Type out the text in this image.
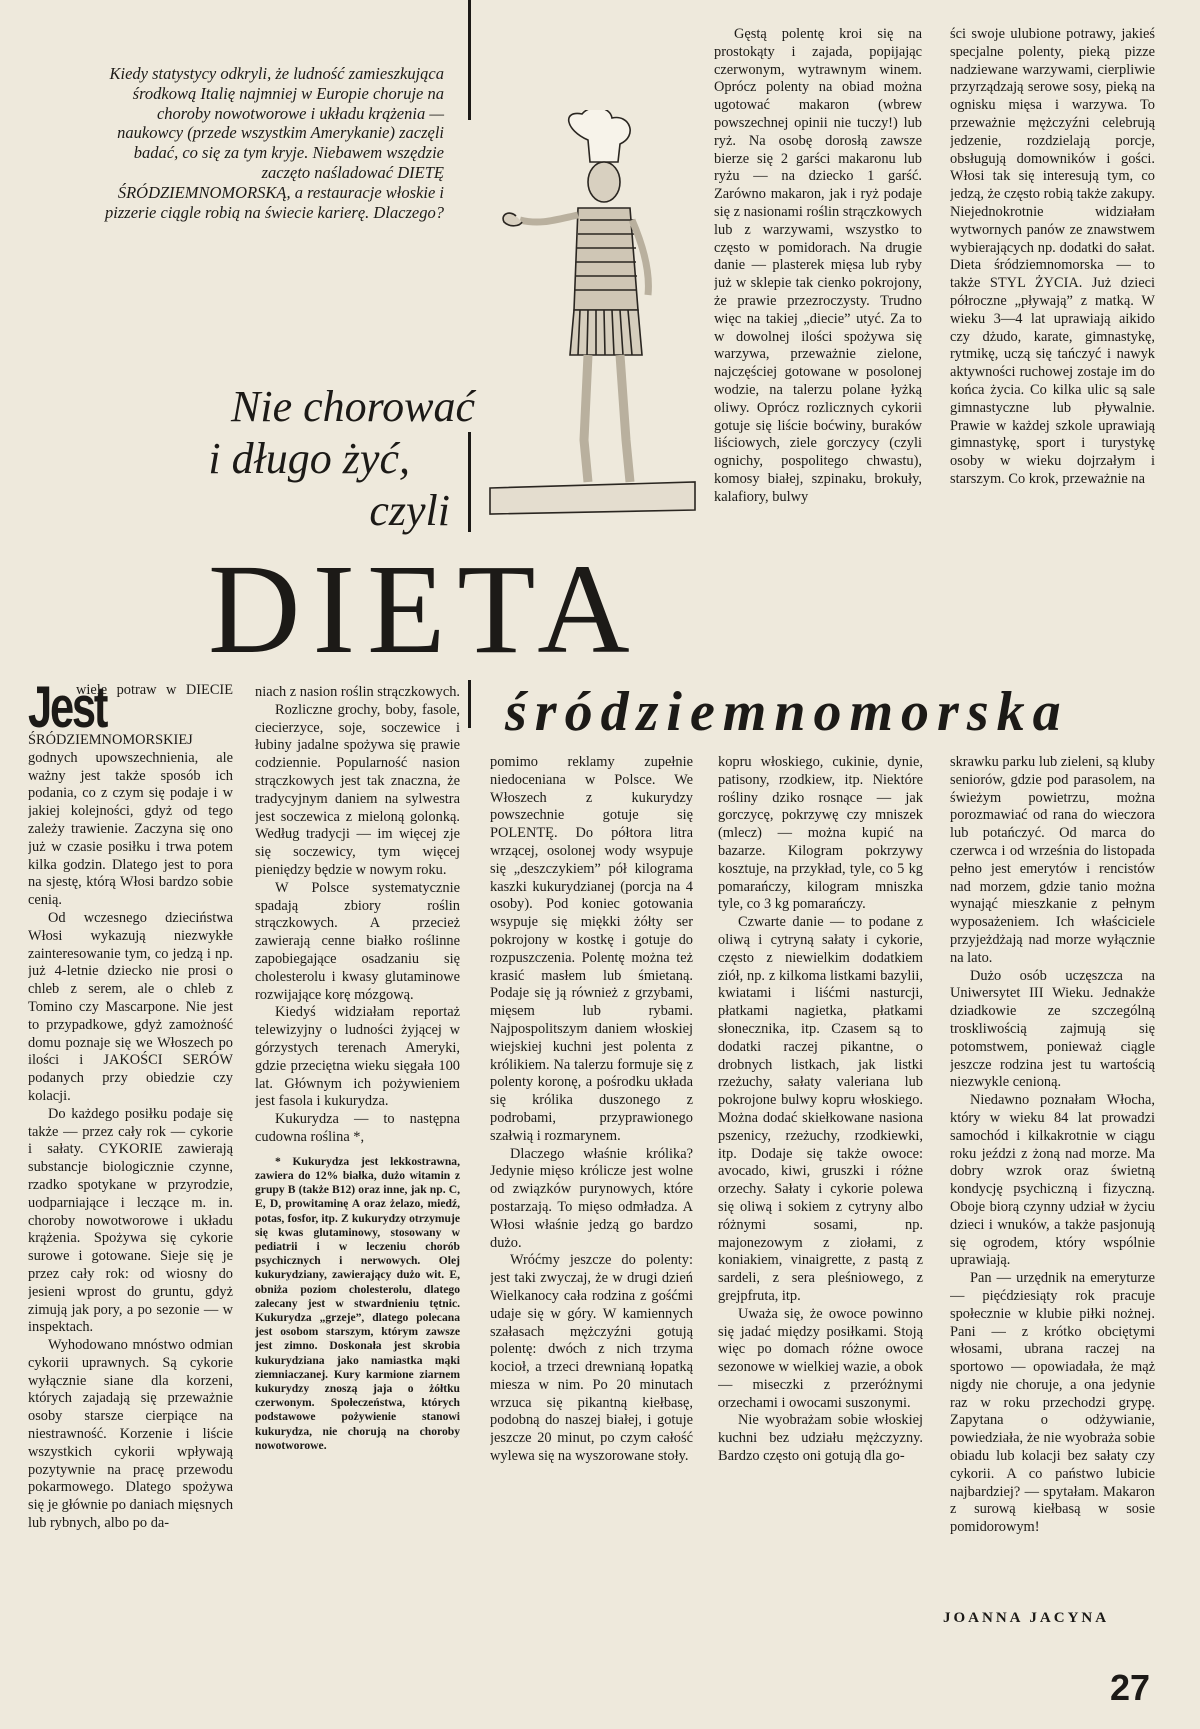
Kiedy statystycy odkryli, że ludność zamieszkująca środkową Italię najmniej w Europie choruje na choroby nowotworowe i układu krążenia — naukowcy (przede wszystkim Amerykanie) zaczęli badać, co się za tym kryje. Niebawem wszędzie zaczęto naśladować DIETĘ ŚRÓDZIEMNOMORSKĄ, a restauracje włoskie i pizzerie ciągle robią na świecie karierę. Dlaczego?
Nie chorować
i długo żyć,
czyli
DIETA
śródziemnomorska

Gęstą polentę kroi się na prostokąty i zajada, popijając czerwonym, wytrawnym winem. Oprócz polenty na obiad można ugotować makaron (wbrew powszechnej opinii nie tuczy!) lub ryż. Na osobę dorosłą zawsze bierze się 2 garści makaronu lub ryżu — na dziecko 1 garść. Zarówno makaron, jak i ryż podaje się z nasionami roślin strączkowych lub z warzywami, wszystko to często w pomidorach. Na drugie danie — plasterek mięsa lub ryby już w sklepie tak cienko pokrojony, że prawie przezroczysty. Trudno więc na takiej „diecie” utyć. Za to w dowolnej ilości spożywa się warzywa, przeważnie zielone, najczęściej gotowane w posolonej wodzie, na talerzu polane łyżką oliwy. Oprócz rozlicznych cykorii gotuje się liście boćwiny, buraków liściowych, ziele gorczycy (czyli ognichy, pospolitego chwastu), komosy białej, szpinaku, brokuły, kalafiory, bulwy

ści swoje ulubione potrawy, jakieś specjalne polenty, pieką pizze nadziewane warzywami, cierpliwie przyrządzają serowe sosy, pieką na ognisku mięsa i warzywa. To przeważnie mężczyźni celebrują jedzenie, rozdzielają porcje, obsługują domowników i gości. Włosi tak się interesują tym, co jedzą, że często robią także zakupy. Niejednokrotnie widziałam wytwornych panów ze znawstwem wybierających np. dodatki do sałat. Dieta śródziemnomorska — to także STYL ŻYCIA. Już dzieci półroczne „pływają” z matką. W wieku 3—4 lat uprawiają aikido czy dżudo, karate, gimnastykę, rytmikę, uczą się tańczyć i nawyk aktywności ruchowej zostaje im do końca życia. Co kilka ulic są sale gimnastyczne lub pływalnie. Prawie w każdej szkole uprawiają gimnastykę, sport i turystykę osoby w wieku dojrzałym i starszym. Co krok, przeważnie na

Jest
wiele potraw w DIECIE ŚRÓDZIEMNOMORSKIEJ godnych upowszechnienia, ale ważny jest także sposób ich podania, co z czym się podaje i w jakiej kolejności, gdyż od tego zależy trawienie. Zaczyna się ono już w czasie posiłku i trwa potem kilka godzin. Dlatego jest to pora na sjestę, którą Włosi bardzo sobie cenią.

Od wczesnego dzieciństwa Włosi wykazują niezwykłe zainteresowanie tym, co jedzą i np. już 4-letnie dziecko nie prosi o chleb z serem, ale o chleb z Tomino czy Mascarpone. Nie jest to przypadkowe, gdyż zamożność domu poznaje się we Włoszech po ilości i JAKOŚCI SERÓW podanych przy obiedzie czy kolacji.

Do każdego posiłku podaje się także — przez cały rok — cykorie i sałaty. CYKORIE zawierają substancje biologicznie czynne, rzadko spotykane w przyrodzie, uodparniające i leczące m. in. choroby nowotworowe i układu krążenia. Spożywa się cykorie surowe i gotowane. Sieje się je przez cały rok: od wiosny do jesieni wprost do gruntu, gdyż zimują jak pory, a po sezonie — w inspektach.

Wyhodowano mnóstwo odmian cykorii uprawnych. Są cykorie wyłącznie siane dla korzeni, których zajadają się przeważnie osoby starsze cierpiące na niestrawność. Korzenie i liście wszystkich cykorii wpływają pozytywnie na pracę przewodu pokarmowego. Dlatego spożywa się je głównie po daniach mięsnych lub rybnych, albo po da-

niach z nasion roślin strączkowych.

Rozliczne grochy, boby, fasole, ciecierzyce, soje, soczewice i łubiny jadalne spożywa się prawie codziennie. Popularność nasion strączkowych jest tak znaczna, że tradycyjnym daniem na sylwestra jest soczewica z mieloną golonką. Według tradycji — im więcej zje się soczewicy, tym więcej pieniędzy będzie w nowym roku.

W Polsce systematycznie spadają zbiory roślin strączkowych. A przecież zawierają cenne białko roślinne zapobiegające osadzaniu się cholesterolu i kwasy glutaminowe rozwijające korę mózgową.

Kiedyś widziałam reportaż telewizyjny o ludności żyjącej w górzystych terenach Ameryki, gdzie przeciętna wieku sięgała 100 lat. Głównym ich pożywieniem jest fasola i kukurydza.

Kukurydza — to następna cudowna roślina *,

* Kukurydza jest lekkostrawna, zawiera do 12% białka, dużo witamin z grupy B (także B12) oraz inne, jak np. C, E, D, prowitaminę A oraz żelazo, miedź, potas, fosfor, itp. Z kukurydzy otrzymuje się kwas glutaminowy, stosowany w pediatrii i w leczeniu chorób psychicznych i nerwowych. Olej kukurydziany, zawierający dużo wit. E, obniża poziom cholesterolu, dlatego zalecany jest w stwardnieniu tętnic. Kukurydza „grzeje”, dlatego polecana jest osobom starszym, którym zawsze jest zimno. Doskonała jest skrobia kukurydziana jako namiastka mąki ziemniaczanej. Kury karmione ziarnem kukurydzy znoszą jaja o żółtku czerwonym. Społeczeństwa, których podstawowe pożywienie stanowi kukurydza, nie chorują na choroby nowotworowe.

pomimo reklamy zupełnie niedoceniana w Polsce. We Włoszech z kukurydzy powszechnie gotuje się POLENTĘ. Do półtora litra wrzącej, osolonej wody wsypuje się „deszczykiem” pół kilograma kaszki kukurydzianej (porcja na 4 osoby). Pod koniec gotowania wsypuje się miękki żółty ser pokrojony w kostkę i gotuje do rozpuszczenia. Polentę można też krasić masłem lub śmietaną. Podaje się ją również z grzybami, mięsem lub rybami. Najpospolitszym daniem włoskiej wiejskiej kuchni jest polenta z królikiem. Na talerzu formuje się z polenty koronę, a pośrodku układa się królika duszonego z podrobami, przyprawionego szałwią i rozmarynem.

Dlaczego właśnie królika? Jedynie mięso królicze jest wolne od związków purynowych, które postarzają. To mięso odmładza. A Włosi właśnie jedzą go bardzo dużo.

Wróćmy jeszcze do polenty: jest taki zwyczaj, że w drugi dzień Wielkanocy cała rodzina z gośćmi udaje się w góry. W kamiennych szałasach mężczyźni gotują polentę: dwóch z nich trzyma kocioł, a trzeci drewnianą łopatką miesza w nim. Po 20 minutach wrzuca się pikantną kiełbasę, podobną do naszej białej, i gotuje jeszcze 20 minut, po czym całość wylewa się na wyszorowane stoły.

kopru włoskiego, cukinie, dynie, patisony, rzodkiew, itp. Niektóre rośliny dziko rosnące — jak gorczycę, pokrzywę czy mniszek (mlecz) — można kupić na bazarze. Kilogram pokrzywy kosztuje, na przykład, tyle, co 5 kg pomarańczy, kilogram mniszka tyle, co 3 kg pomarańczy.

Czwarte danie — to podane z oliwą i cytryną sałaty i cykorie, często z niewielkim dodatkiem ziół, np. z kilkoma listkami bazylii, kwiatami i liśćmi nasturcji, płatkami nagietka, płatkami słonecznika, itp. Czasem są to dodatki raczej pikantne, o drobnych listkach, jak listki rzeżuchy, sałaty valeriana lub pokrojone bulwy kopru włoskiego. Można dodać skiełkowane nasiona pszenicy, rzeżuchy, rzodkiewki, itp. Dodaje się także owoce: avocado, kiwi, gruszki i różne orzechy. Sałaty i cykorie polewa się oliwą i sokiem z cytryny albo różnymi sosami, np. majonezowym z ziołami, z koniakiem, vinaigrette, z pastą z sardeli, z sera pleśniowego, z grejpfruta, itp.

Uważa się, że owoce powinno się jadać między posiłkami. Stoją więc po domach różne owoce sezonowe w wielkiej wazie, a obok — miseczki z przeróżnymi orzechami i owocami suszonymi.

Nie wyobrażam sobie włoskiej kuchni bez udziału mężczyzny. Bardzo często oni gotują dla go-

skrawku parku lub zieleni, są kluby seniorów, gdzie pod parasolem, na świeżym powietrzu, można porozmawiać od rana do wieczora lub potańczyć. Od marca do czerwca i od września do listopada pełno jest emerytów i rencistów nad morzem, gdzie tanio można wynająć mieszkanie z pełnym wyposażeniem. Ich właściciele przyjeżdżają nad morze wyłącznie na lato.

Dużo osób uczęszcza na Uniwersytet III Wieku. Jednakże dziadkowie ze szczególną troskliwością zajmują się potomstwem, ponieważ ciągle jeszcze rodzina jest tu wartością niezwykle cenioną.

Niedawno poznałam Włocha, który w wieku 84 lat prowadzi samochód i kilkakrotnie w ciągu roku jeździ z żoną nad morze. Ma dobry wzrok oraz świetną kondycję psychiczną i fizyczną. Oboje biorą czynny udział w życiu dzieci i wnuków, a także pasjonują się ogrodem, który wspólnie uprawiają.

Pan — urzędnik na emeryturze — pięćdziesiąty rok pracuje społecznie w klubie piłki nożnej. Pani — z krótko obciętymi włosami, ubrana raczej na sportowo — opowiadała, że mąż nigdy nie choruje, a ona jedynie raz w roku przechodzi grypę. Zapytana o odżywianie, powiedziała, że nie wyobraża sobie obiadu lub kolacji bez sałaty czy cykorii. A co państwo lubicie najbardziej? — spytałam. Makaron z surową kiełbasą w sosie pomidorowym!

JOANNA JACYNA
27
